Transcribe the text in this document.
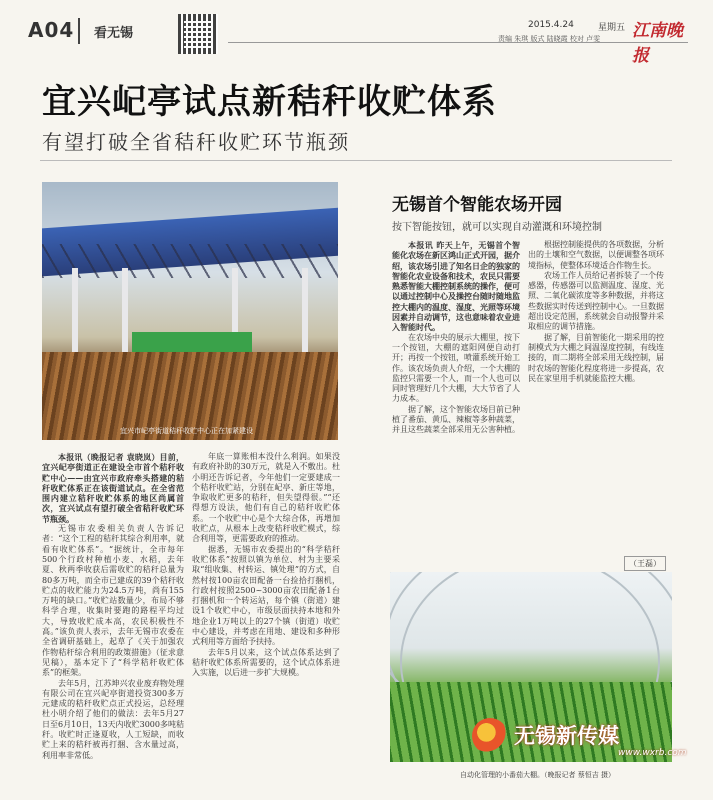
A04 看无锡
2015.4.24	星期五
责编 朱琪 版式 陆晓霞 校对 卢雯 江南晚报
宜兴屺亭试点新秸秆收贮体系
有望打破全省秸秆收贮环节瓶颈
宜兴市屺亭街道秸秆收贮中心正在加紧建设

本报讯（晚报记者 袁晓岚）目前，宜兴屺亭街道正在建设全市首个秸秆收贮中心——由宜兴市政府牵头搭建的秸秆收贮体系正在该街道试点。在全省范围内建立秸秆收贮体系的地区尚属首次，宜兴试点有望打破全省秸秆收贮环节瓶颈。

无锡市农委相关负责人告诉记者：“这个工程的秸秆其综合利用率，就看有收贮体系”。“据统计，全市每年500个行政村种植小麦、水稻，去年夏、秋两季收获后需收贮的秸秆总量为80多万吨，而全市已建成的39个秸秆收贮点的收贮能力为24.5万吨，尚有155万吨的缺口。”收贮站数量少，布局不够科学合理，收集时要跑的路程平均过大，导致收贮成本高，农民积极性不高。”该负责人表示，去年无锡市农委在全省调研基础上，起草了《关于加强农作物秸秆综合利用的政策措施》（征求意见稿），基本定下了“科学秸秆收贮体系”的框架。

去年5月，江苏坤兴农业废弃物处理有限公司在宜兴屺亭街道投资300多万元建成的秸秆收贮点正式投运，总经理杜小明介绍了他们的做法：去年5月27日至6月10日，13天内收贮3000多吨秸秆。收贮时正逢夏收，人工短缺，而收贮上来的秸秆被再打捆、含水量过高，利用率非常低。

年底一算账相本没什么利润。如果没有政府补助的30万元，就是入不敷出。杜小明还告诉记者，今年他们一定要建成一个秸秆收贮站，分别在屺亭、新庄等地，争取收贮更多的秸秆，但失望得很。”“还得想方设法，他们有自己的秸秆收贮体系。一个收贮中心是个大综合体，再增加收贮点，从根本上改变秸秆收贮模式，综合利用等，更需要政府的推动。

据悉，无锡市农委提出的“科学秸秆收贮体系”按照以镇为单位、村为主要采取“组收集、村转运、镇处理”的方式，自然村按100亩农田配备一台捡拾打捆机，行政村按照2500~3000亩农田配备1台打捆机和一个转运站，每个镇（街道）建设1个收贮中心，市级层面扶持本地和外地企业1万吨以上的27个镇（街道）收贮中心建设，并考虑在用地、建设和多种形式利用等方面给予扶持。

去年5月以来，这个试点体系达到了秸秆收贮体系所需要的，这个试点体系进入实施，以后进一步扩大规模。

无锡首个智能农场开园
按下智能按钮，就可以实现自动灌溉和环境控制

本报讯 昨天上午，无锡首个智能化农场在新区鸿山正式开园，据介绍，该农场引进了知名日企的独家的智能化农业设备和技术，农民只需要熟悉智能大棚控制系统的操作，便可以通过控制中心及操控台随时随地监控大棚内的温度、湿度、光照等环境因素并自动调节，这也意味着农业进入智能时代。

在农场中央的展示大棚里，按下一个按钮，大棚的遮阳网便自动打开；再按一个按钮，喷灌系统开始工作。该农场负责人介绍，一个大棚的监控只需要一个人，而一个人也可以同时管理好几个大棚，大大节省了人力成本。

据了解，这个智能农场目前已种植了番茄、黄瓜、辣椒等多种蔬菜，并且这些蔬菜全部采用无公害种植。

根据控制能提供的各项数据，分析出的土壤和空气数据，以便调整各项环境指标，使整体环境适合作物生长。

农场工作人员给记者拆装了一个传感器，传感器可以监测温度、湿度、光照、二氧化碳浓度等多种数据，并将这些数据实时传送到控制中心。一旦数据超出设定范围，系统就会自动报警并采取相应的调节措施。

据了解，目前智能化一期采用的控制模式为大棚之间温湿度控制，有线连接的，而二期将全部采用无线控制，届时农场的智能化程度将进一步提高，农民在家里用手机就能监控大棚。

（王磊）
自动化管理的小番茄大棚。（晚报记者 蔡恒吉 摄）
无锡新传媒
www.wxrb.com
